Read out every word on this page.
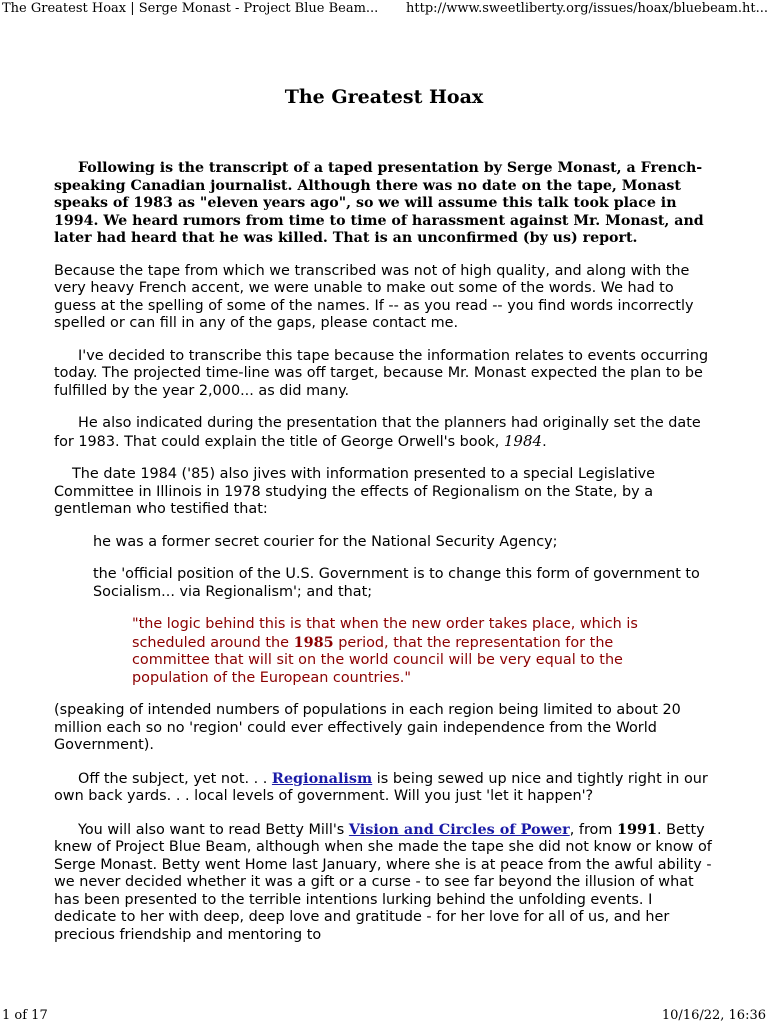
The Greatest Hoax | Serge Monast - Project Blue Beam... http://www.sweetliberty.org/issues/hoax/bluebeam.ht...
The Greatest Hoax

Following is the transcript of a taped presentation by Serge Monast, a French-speaking Canadian journalist. Although there was no date on the tape, Monast speaks of 1983 as "eleven years ago", so we will assume this talk took place in 1994. We heard rumors from time to time of harassment against Mr. Monast, and later had heard that he was killed. That is an unconfirmed (by us) report.

Because the tape from which we transcribed was not of high quality, and along with the very heavy French accent, we were unable to make out some of the words. We had to guess at the spelling of some of the names. If -- as you read -- you find words incorrectly spelled or can fill in any of the gaps, please contact me.

I've decided to transcribe this tape because the information relates to events occurring today. The projected time-line was off target, because Mr. Monast expected the plan to be fulfilled by the year 2,000... as did many.

He also indicated during the presentation that the planners had originally set the date for 1983. That could explain the title of George Orwell's book, 1984.

The date 1984 ('85) also jives with information presented to a special Legislative Committee in Illinois in 1978 studying the effects of Regionalism on the State, by a gentleman who testified that:

he was a former secret courier for the National Security Agency;

the 'official position of the U.S. Government is to change this form of government to Socialism... via Regionalism'; and that;

"the logic behind this is that when the new order takes place, which is scheduled around the 1985 period, that the representation for the committee that will sit on the world council will be very equal to the population of the European countries."

(speaking of intended numbers of populations in each region being limited to about 20 million each so no 'region' could ever effectively gain independence from the World Government).

Off the subject, yet not. . . Regionalism is being sewed up nice and tightly right in our own back yards. . . local levels of government. Will you just 'let it happen'?

You will also want to read Betty Mill's Vision and Circles of Power, from 1991. Betty knew of Project Blue Beam, although when she made the tape she did not know or know of Serge Monast. Betty went Home last January, where she is at peace from the awful ability - we never decided whether it was a gift or a curse - to see far beyond the illusion of what has been presented to the terrible intentions lurking behind the unfolding events. I dedicate to her with deep, deep love and gratitude - for her love for all of us, and her precious friendship and mentoring to

1 of 17	10/16/22, 16:36
